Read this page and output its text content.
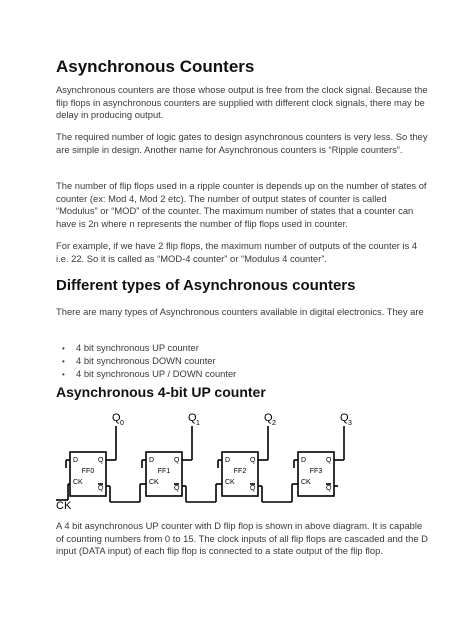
Asynchronous Counters

Asynchronous counters are those whose output is free from the clock signal. Because the flip flops in asynchronous counters are supplied with different clock signals, there may be delay in producing output.

The required number of logic gates to design asynchronous counters is very less. So they are simple in design. Another name for Asynchronous counters is “Ripple counters”.

The number of flip flops used in a ripple counter is depends up on the number of states of counter (ex: Mod 4, Mod 2 etc). The number of output states of counter is called “Modulus” or “MOD” of the counter. The maximum number of states that a counter can have is 2n where n represents the number of flip flops used in counter.

For example, if we have 2 flip flops, the maximum number of outputs of the counter is 4 i.e. 22. So it is called as “MOD-4 counter” or “Modulus 4 counter”.

Different types of Asynchronous counters

There are many types of Asynchronous counters available in digital electronics. They are

• 4 bit synchronous UP counter
• 4 bit synchronous DOWN counter
• 4 bit synchronous UP / DOWN counter
Asynchronous 4-bit UP counter
CK
D	Q
FF0
CK
Q
Q 0
D	Q
FF1
CK
Q
Q 1
D	Q
FF2
CK
Q
Q 2
D	Q
FF3
CK
Q
Q 3

A 4 bit asynchronous UP counter with D flip flop is shown in above diagram. It is capable of counting numbers from 0 to 15. The clock inputs of all flip flops are cascaded and the D input (DATA input) of each flip flop is connected to a state output of the flip flop.
